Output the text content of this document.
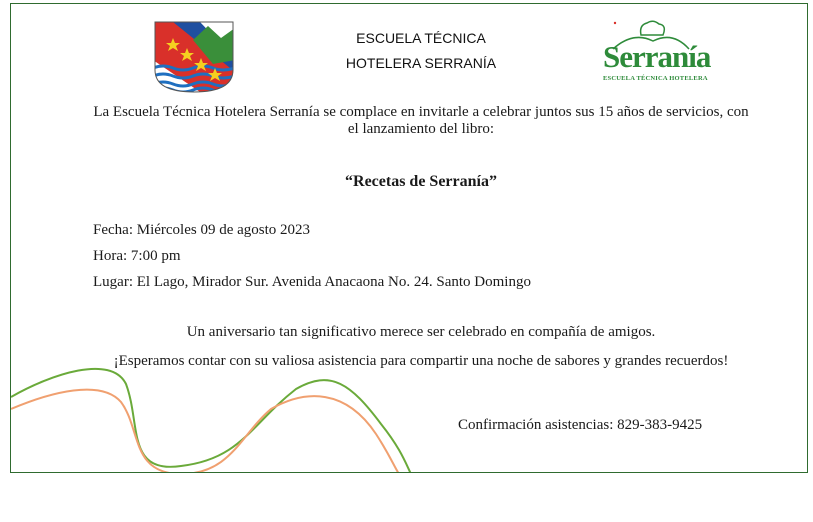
ESCUELA TÉCNICA
HOTELERA SERRANÍA	Serranía
ESCUELA TÉCNICA HOTELERA
La Escuela Técnica Hotelera Serranía se complace en invitarle a celebrar juntos sus 15 años de servicios, con el lanzamiento del libro:
“Recetas de Serranía”
Fecha: Miércoles 09 de agosto 2023
Hora: 7:00 pm
Lugar: El Lago, Mirador Sur. Avenida Anacaona No. 24. Santo Domingo
Un aniversario tan significativo merece ser celebrado en compañía de amigos.
¡Esperamos contar con su valiosa asistencia para compartir una noche de sabores y grandes recuerdos!
Confirmación asistencias: 829-383-9425
